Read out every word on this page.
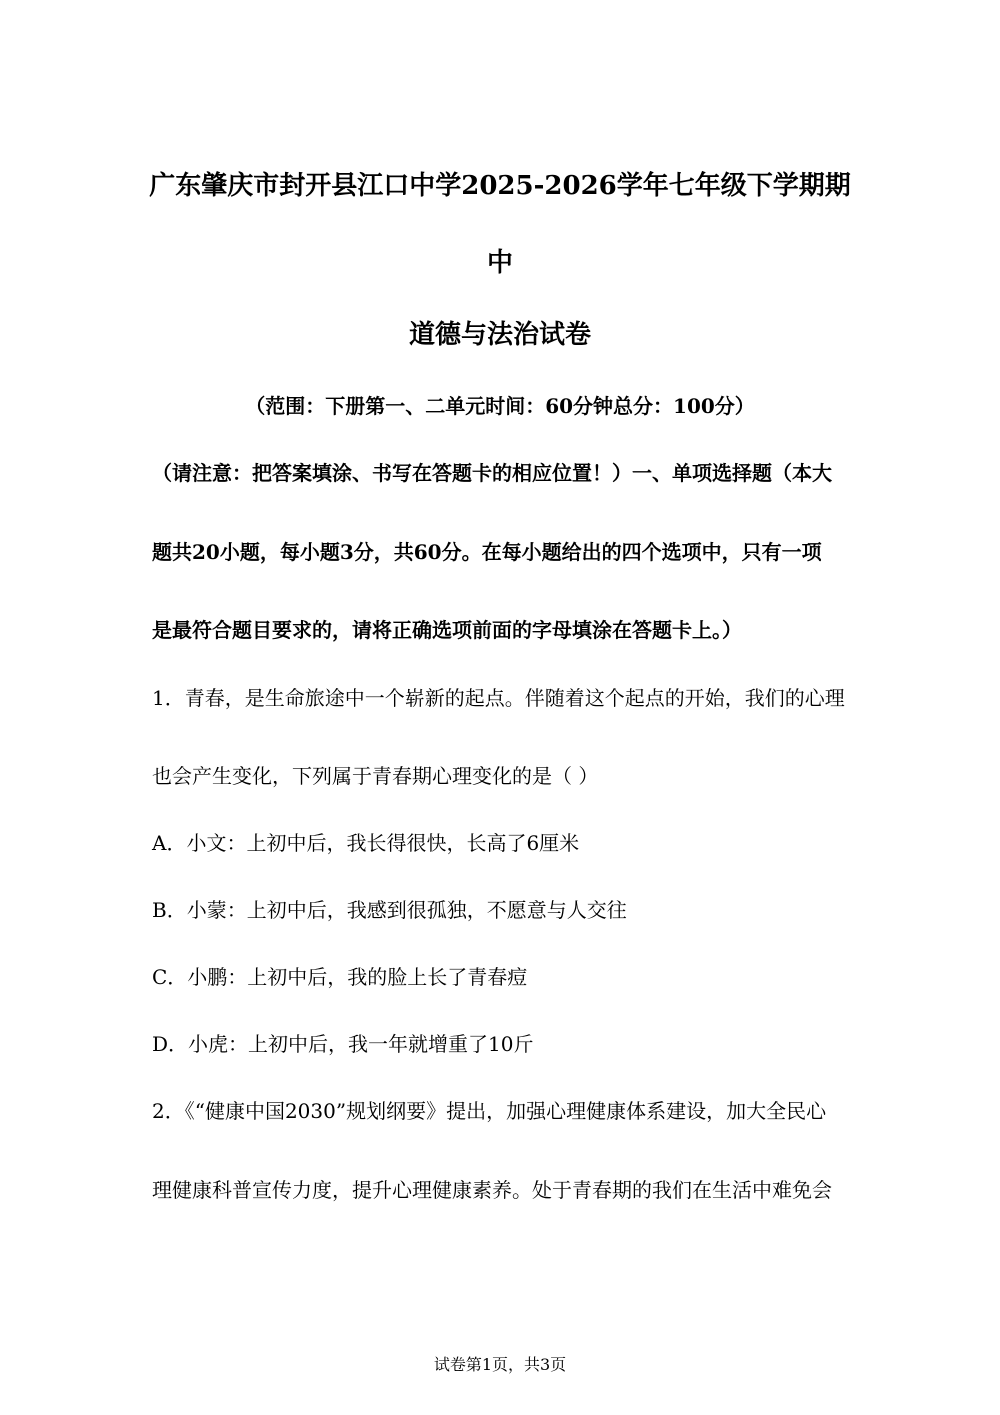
广东肇庆市封开县江口中学2025-2026学年七年级下学期期
中
道德与法治试卷
（范围：下册第一、二单元时间：60分钟总分：100分）
（请注意：把答案填涂、书写在答题卡的相应位置！）一、单项选择题（本大
题共20小题，每小题3分，共60分。在每小题给出的四个选项中，只有一项
是最符合题目要求的，请将正确选项前面的字母填涂在答题卡上。）
1．青春，是生命旅途中一个崭新的起点。伴随着这个起点的开始，我们的心理
也会产生变化，下列属于青春期心理变化的是（ ）
A．小文：上初中后，我长得很快，长高了6厘米
B．小蒙：上初中后，我感到很孤独，不愿意与人交往
C．小鹏：上初中后，我的脸上长了青春痘
D．小虎：上初中后，我一年就增重了10斤
2．《“健康中国2030”规划纲要》提出，加强心理健康体系建设，加大全民心
理健康科普宣传力度，提升心理健康素养。处于青春期的我们在生活中难免会
试卷第1页，共3页
